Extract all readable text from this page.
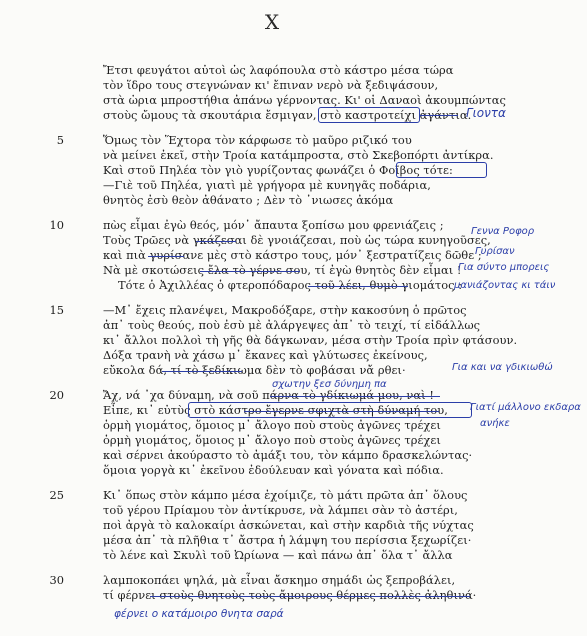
X
Ἔτσι φευγάτοι αὐτοὶ ὡς λαφόπουλα στὸ κάστρο μέσα τώρα
τὸν ἵδρο τους στεγνώναν κι' ἔπιναν νερὸ νὰ ξεδιψάσουν,
στὰ ὡρια μπροστήθια ἀπάνω γέρνοντας. Κι' οἱ Δαναοὶ ἀκουμπώντας
στοὺς ὤμους τὰ σκουτάρια ἔσμιγαν, στὸ καστροτείχι ἀγάντια.
Ὅμως τὸν Ἕχτορα τὸν κάρφωσε τὸ μαῦρο ριζικό του
νὰ μείνει ἐκεῖ, στὴν Τροία κατάμπροστα, στὸ Σκεβοπόρτι ἀντίκρα.
Καὶ στοῦ Πηλέα τὸν γιὸ γυρίζοντας φωνάζει ὁ Φοῖβος τότε:
—Γιὲ τοῦ Πηλέα, γιατὶ μὲ γρήγορα μὲ κυνηγᾶς ποδάρια,
θνητὸς ἐσὺ θεὸν ἀθάνατο ; Δὲν τὸ ᾽νιωσες ἀκόμα
πὼς εἶμαι ἐγὼ θεός, μόν᾽ ἄπαυτα ξοπίσω μου φρενιάζεις ;
Τοὺς Τρῶες νὰ γκάζεσαι δὲ γνοιάζεσαι, ποὺ ὡς τώρα κυνηγοῦσες,
καὶ πιὰ γυρίσανε μὲς στὸ κάστρο τους, μόν᾽ ξεστρατίζεις δῶθε ;
Νὰ μὲ σκοτώσεις ἔλα τὸ γέρνε σου, τί ἐγὼ θνητὸς δὲν εἶμαι !
Τότε ὁ Ἀχιλλέας ὁ φτεροπόδαρος τοῦ λέει, θυμὸ γιομάτος :
—Μ᾽ ἔχεις πλανέψει, Μακροδόξαρε, στὴν κακοσύνη ὁ πρῶτος
ἀπ᾽ τοὺς θεούς, ποὺ ἐσὺ μὲ ἀλάργεψες ἀπ᾽ τὸ τειχί, τί εἰδάλλως
κι᾽ ἄλλοι πολλοὶ τὴ γῆς θὰ δάγκωναν, μέσα στὴν Τροία πρὶν φτάσουν.
Δόξα τρανὴ νὰ χάσω μ᾽ ἔκανες καὶ γλύτωσες ἐκείνους,
εὔκολα δά, τί τὸ ξεδίκιωμα δὲν τὸ φοβάσαι νἄ ρθει·
Ἄχ, νά ᾽χα δύναμη, νὰ σοῦ πάρνα τὸ γδίκιωμά μου, ναὶ !
Εἶπε, κι᾽ εὐτὺς στὸ κάστρο ἔγερνε σφιχτὰ στὴ δύναμή του,
ὁρμὴ γιομάτος, ὅμοιος μ᾽ ἄλογο ποὺ στοὺς ἀγῶνες τρέχει
ὁρμὴ γιομάτος, ὅμοιος μ᾽ ἄλογο ποὺ στοὺς ἀγῶνες τρέχει
καὶ σέρνει ἀκούραστο τὸ ἀμάξι του, τὸν κάμπο δρασκελώντας·
ὅμοια γοργὰ κι᾽ ἐκεῖνου ἐδούλευαν καὶ γόνατα καὶ πόδια.
Κι᾽ ὅπως στὸν κάμπο μέσα ἐχοίμιζε, τὸ μάτι πρῶτα ἀπ᾽ ὅλους
τοῦ γέρου Πρίαμου τὸν ἀντίκρυσε, νὰ λάμπει σὰν τὸ ἀστέρι,
ποὶ ἀργὰ τὸ καλοκαίρι ἀσκώνεται, καὶ στὴν καρδιὰ τῆς νύχτας
μέσα ἀπ᾽ τὰ πλῆθια τ᾽ ἄστρα ἡ λάμψη του περίσσια ξεχωρίζει·
τὸ λένε καὶ Σκυλὶ τοῦ Ὠρίωνα — καὶ πάνω ἀπ᾽ ὅλα τ᾽ ἄλλα
λαμποκοπάει ψηλά, μὰ εἶναι ἄσκημο σημάδι ὡς ξεπροβάλει,
τί φέρνει στοὺς θνητοὺς τοὺς ἄμοιρους θέρμες πολλὲς ἀληθινά·
5
10
15
20
25
30
Γιοντα
Γεννα Ροφορ
Γυρίσαν
Για σύντο μπορεις
μανιάζοντας κι τάιν
Για και να γδικιωθώ
σχωτην ξεσ δύνημη πα
Γιατί μάλλονο εκδαρα
ανήκε
φέρνει ο κατάμοιρο θνητα σαρά
